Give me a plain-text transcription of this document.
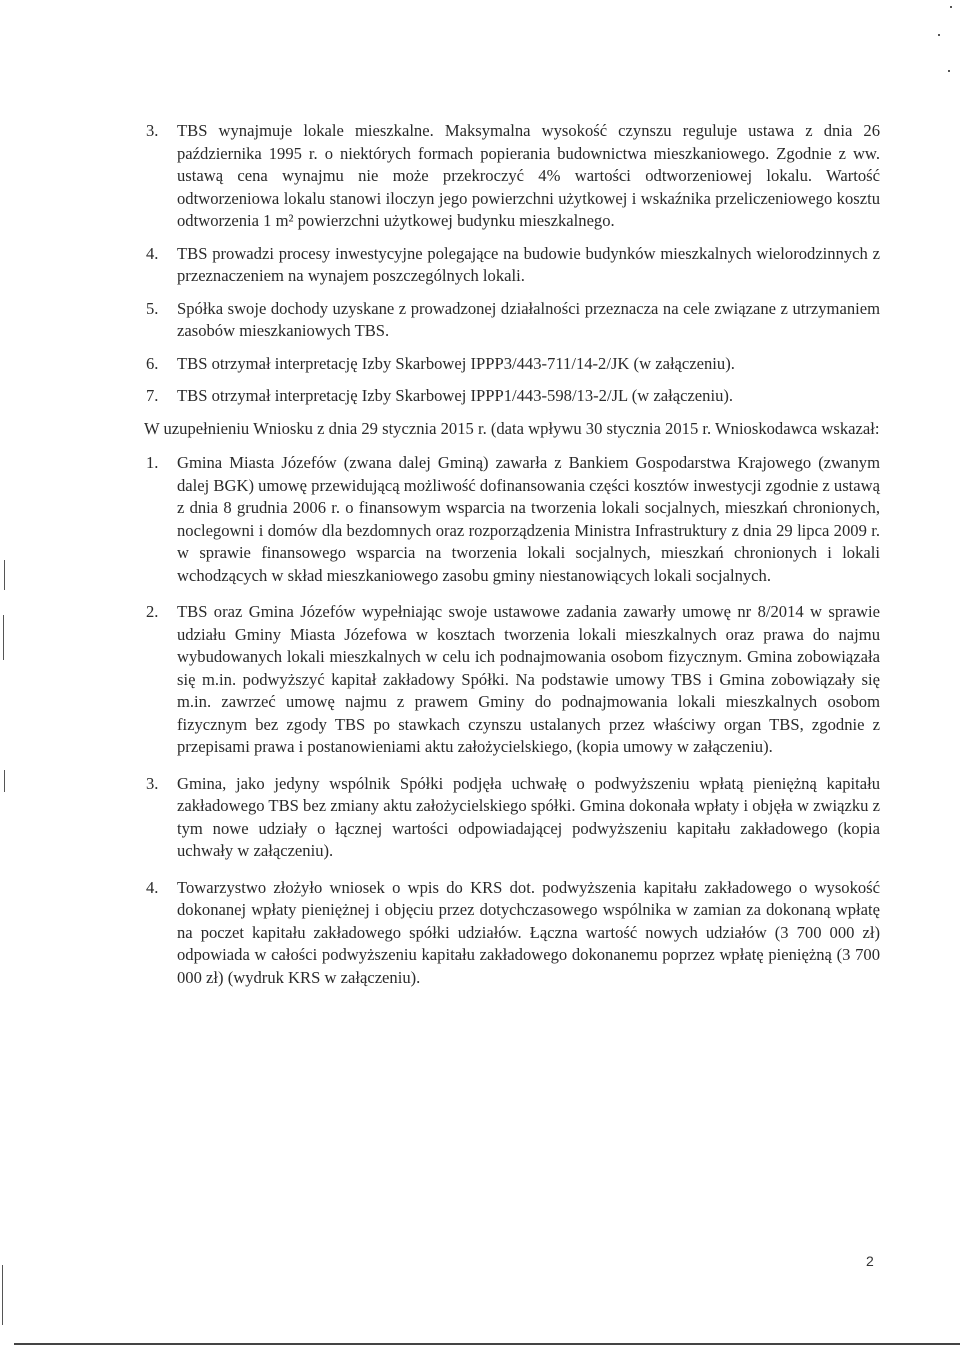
3. TBS wynajmuje lokale mieszkalne. Maksymalna wysokość czynszu reguluje ustawa z dnia 26 października 1995 r. o niektórych formach popierania budownictwa mieszkaniowego. Zgodnie z ww. ustawą cena wynajmu nie może przekroczyć 4% wartości odtworzeniowej lokalu. Wartość odtworzeniowa lokalu stanowi iloczyn jego powierzchni użytkowej i wskaźnika przeliczeniowego kosztu odtworzenia 1 m² powierzchni użytkowej budynku mieszkalnego.
4. TBS prowadzi procesy inwestycyjne polegające na budowie budynków mieszkalnych wielorodzinnych z przeznaczeniem na wynajem poszczególnych lokali.
5. Spółka swoje dochody uzyskane z prowadzonej działalności przeznacza na cele związane z utrzymaniem zasobów mieszkaniowych TBS.
6. TBS otrzymał interpretację Izby Skarbowej IPPP3/443-711/14-2/JK (w załączeniu).
7. TBS otrzymał interpretację Izby Skarbowej IPPP1/443-598/13-2/JL (w załączeniu).

W uzupełnieniu Wniosku z dnia 29 stycznia 2015 r. (data wpływu 30 stycznia 2015 r. Wnioskodawca wskazał:

1. Gmina Miasta Józefów (zwana dalej Gminą) zawarła z Bankiem Gospodarstwa Krajowego (zwanym dalej BGK) umowę przewidującą możliwość dofinansowania części kosztów inwestycji zgodnie z ustawą z dnia 8 grudnia 2006 r. o finansowym wsparcia na tworzenia lokali socjalnych, mieszkań chronionych, noclegowni i domów dla bezdomnych oraz rozporządzenia Ministra Infrastruktury z dnia 29 lipca 2009 r. w sprawie finansowego wsparcia na tworzenia lokali socjalnych, mieszkań chronionych i lokali wchodzących w skład mieszkaniowego zasobu gminy niestanowiących lokali socjalnych.
2. TBS oraz Gmina Józefów wypełniając swoje ustawowe zadania zawarły umowę nr 8/2014 w sprawie udziału Gminy Miasta Józefowa w kosztach tworzenia lokali mieszkalnych oraz prawa do najmu wybudowanych lokali mieszkalnych w celu ich podnajmowania osobom fizycznym. Gmina zobowiązała się m.in. podwyższyć kapitał zakładowy Spółki. Na podstawie umowy TBS i Gmina zobowiązały się m.in. zawrzeć umowę najmu z prawem Gminy do podnajmowania lokali mieszkalnych osobom fizycznym bez zgody TBS po stawkach czynszu ustalanych przez właściwy organ TBS, zgodnie z przepisami prawa i postanowieniami aktu założycielskiego, (kopia umowy w załączeniu).
3. Gmina, jako jedyny wspólnik Spółki podjęła uchwałę o podwyższeniu wpłatą pieniężną kapitału zakładowego TBS bez zmiany aktu założycielskiego spółki. Gmina dokonała wpłaty i objęła w związku z tym nowe udziały o łącznej wartości odpowiadającej podwyższeniu kapitału zakładowego (kopia uchwały w załączeniu).
4. Towarzystwo złożyło wniosek o wpis do KRS dot. podwyższenia kapitału zakładowego o wysokość dokonanej wpłaty pieniężnej i objęciu przez dotychczasowego wspólnika w zamian za dokonaną wpłatę na poczet kapitału zakładowego spółki udziałów. Łączna wartość nowych udziałów (3 700 000 zł) odpowiada w całości podwyższeniu kapitału zakładowego dokonanemu poprzez wpłatę pieniężną (3 700 000 zł) (wydruk KRS w załączeniu).
2
